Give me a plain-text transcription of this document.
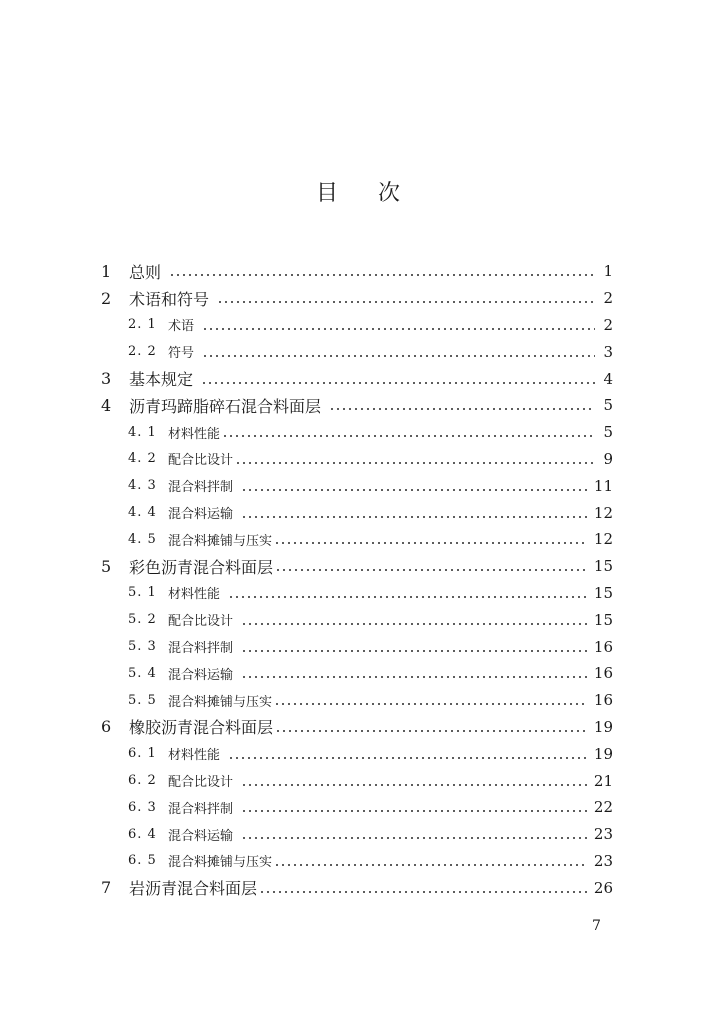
目 次
1	总则	1
2	术语和符号	2
2. 1 术语	2
2. 2 符号	3
3	基本规定	4
4	沥青玛蹄脂碎石混合料面层	5
4. 1 材料性能	5
4. 2 配合比设计	9
4. 3 混合料拌制	11
4. 4 混合料运输	12
4. 5 混合料摊铺与压实	12
5	彩色沥青混合料面层	15
5. 1 材料性能	15
5. 2 配合比设计	15
5. 3 混合料拌制	16
5. 4 混合料运输	16
5. 5 混合料摊铺与压实	16
6	橡胶沥青混合料面层	19
6. 1 材料性能	19
6. 2 配合比设计	21
6. 3 混合料拌制	22
6. 4 混合料运输	23
6. 5 混合料摊铺与压实	23
7	岩沥青混合料面层	26
7
